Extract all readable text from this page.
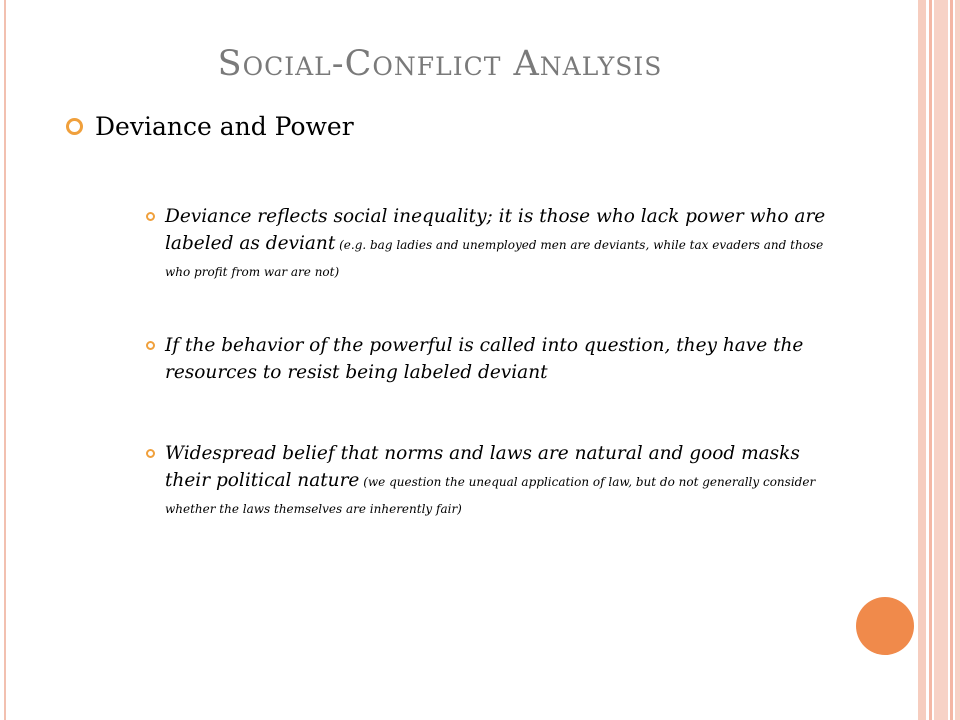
Social-Conflict Analysis
Deviance and Power
Deviance reflects social inequality; it is those who lack power who are labeled as deviant (e.g. bag ladies and unemployed men are deviants, while tax evaders and those who profit from war are not)
If the behavior of the powerful is called into question, they have the resources to resist being labeled deviant
Widespread belief that norms and laws are natural and good masks their political nature (we question the unequal application of law, but do not generally consider whether the laws themselves are inherently fair)
